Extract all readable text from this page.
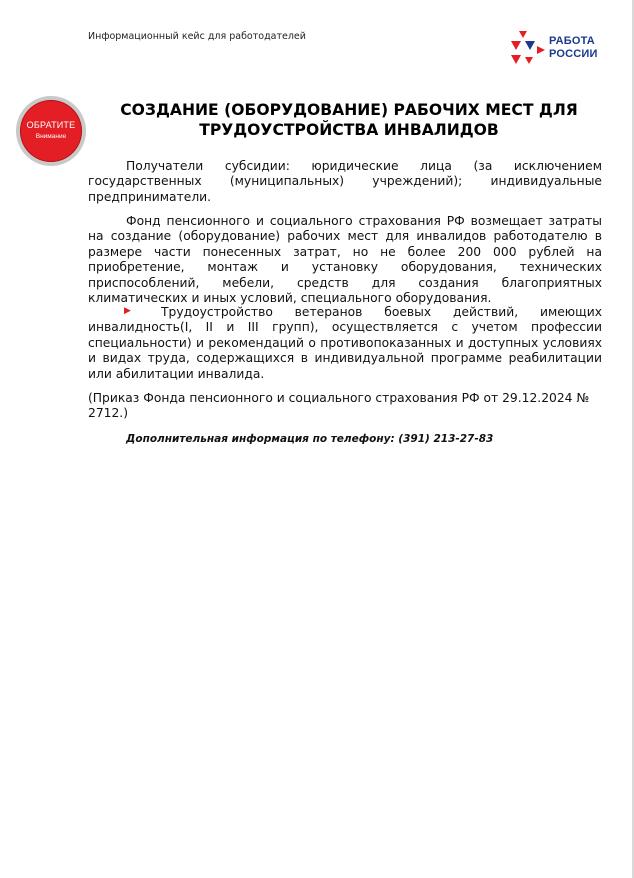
Информационный кейс для работодателей	РАБОТА
РОССИИ
ОБРАТИТЕ
Внимание
СОЗДАНИЕ (ОБОРУДОВАНИЕ) РАБОЧИХ МЕСТ ДЛЯ ТРУДОУСТРОЙСТВА ИНВАЛИДОВ
Получатели субсидии: юридические лица (за исключением государственных (муниципальных) учреждений); индивидуальные предприниматели.
Фонд пенсионного и социального страхования РФ возмещает затраты на создание (оборудование) рабочих мест для инвалидов работодателю в размере части понесенных затрат, но не более 200 000 рублей на приобретение, монтаж и установку оборудования, технических приспособлений, мебели, средств для создания благоприятных климатических и иных условий, специального оборудования.
▶	Трудоустройство ветеранов боевых действий, имеющих инвалидность(I, II и III групп), осуществляется с учетом профессии специальности) и рекомендаций о противопоказанных и доступных условиях и видах труда, содержащихся в индивидуальной программе реабилитации или абилитации инвалида.
(Приказ Фонда пенсионного и социального страхования РФ от 29.12.2024 № 2712.)
Дополнительная информация по телефону: (391) 213-27-83
